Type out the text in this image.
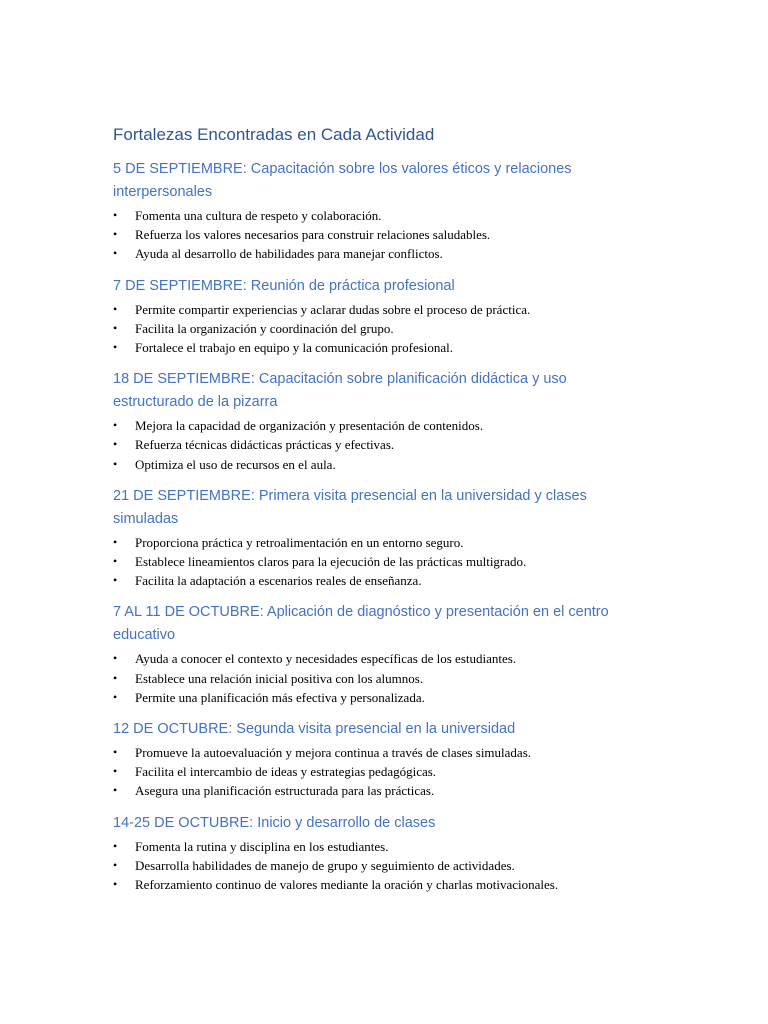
Fortalezas Encontradas en Cada Actividad
5 DE SEPTIEMBRE: Capacitación sobre los valores éticos y relaciones interpersonales
• Fomenta una cultura de respeto y colaboración.
• Refuerza los valores necesarios para construir relaciones saludables.
• Ayuda al desarrollo de habilidades para manejar conflictos.
7 DE SEPTIEMBRE: Reunión de práctica profesional
• Permite compartir experiencias y aclarar dudas sobre el proceso de práctica.
• Facilita la organización y coordinación del grupo.
• Fortalece el trabajo en equipo y la comunicación profesional.
18 DE SEPTIEMBRE: Capacitación sobre planificación didáctica y uso estructurado de la pizarra
• Mejora la capacidad de organización y presentación de contenidos.
• Refuerza técnicas didácticas prácticas y efectivas.
• Optimiza el uso de recursos en el aula.
21 DE SEPTIEMBRE: Primera visita presencial en la universidad y clases simuladas
• Proporciona práctica y retroalimentación en un entorno seguro.
• Establece lineamientos claros para la ejecución de las prácticas multigrado.
• Facilita la adaptación a escenarios reales de enseñanza.
7 AL 11 DE OCTUBRE: Aplicación de diagnóstico y presentación en el centro educativo
• Ayuda a conocer el contexto y necesidades específicas de los estudiantes.
• Establece una relación inicial positiva con los alumnos.
• Permite una planificación más efectiva y personalizada.
12 DE OCTUBRE: Segunda visita presencial en la universidad
• Promueve la autoevaluación y mejora continua a través de clases simuladas.
• Facilita el intercambio de ideas y estrategias pedagógicas.
• Asegura una planificación estructurada para las prácticas.
14-25 DE OCTUBRE: Inicio y desarrollo de clases
• Fomenta la rutina y disciplina en los estudiantes.
• Desarrolla habilidades de manejo de grupo y seguimiento de actividades.
• Reforzamiento continuo de valores mediante la oración y charlas motivacionales.
